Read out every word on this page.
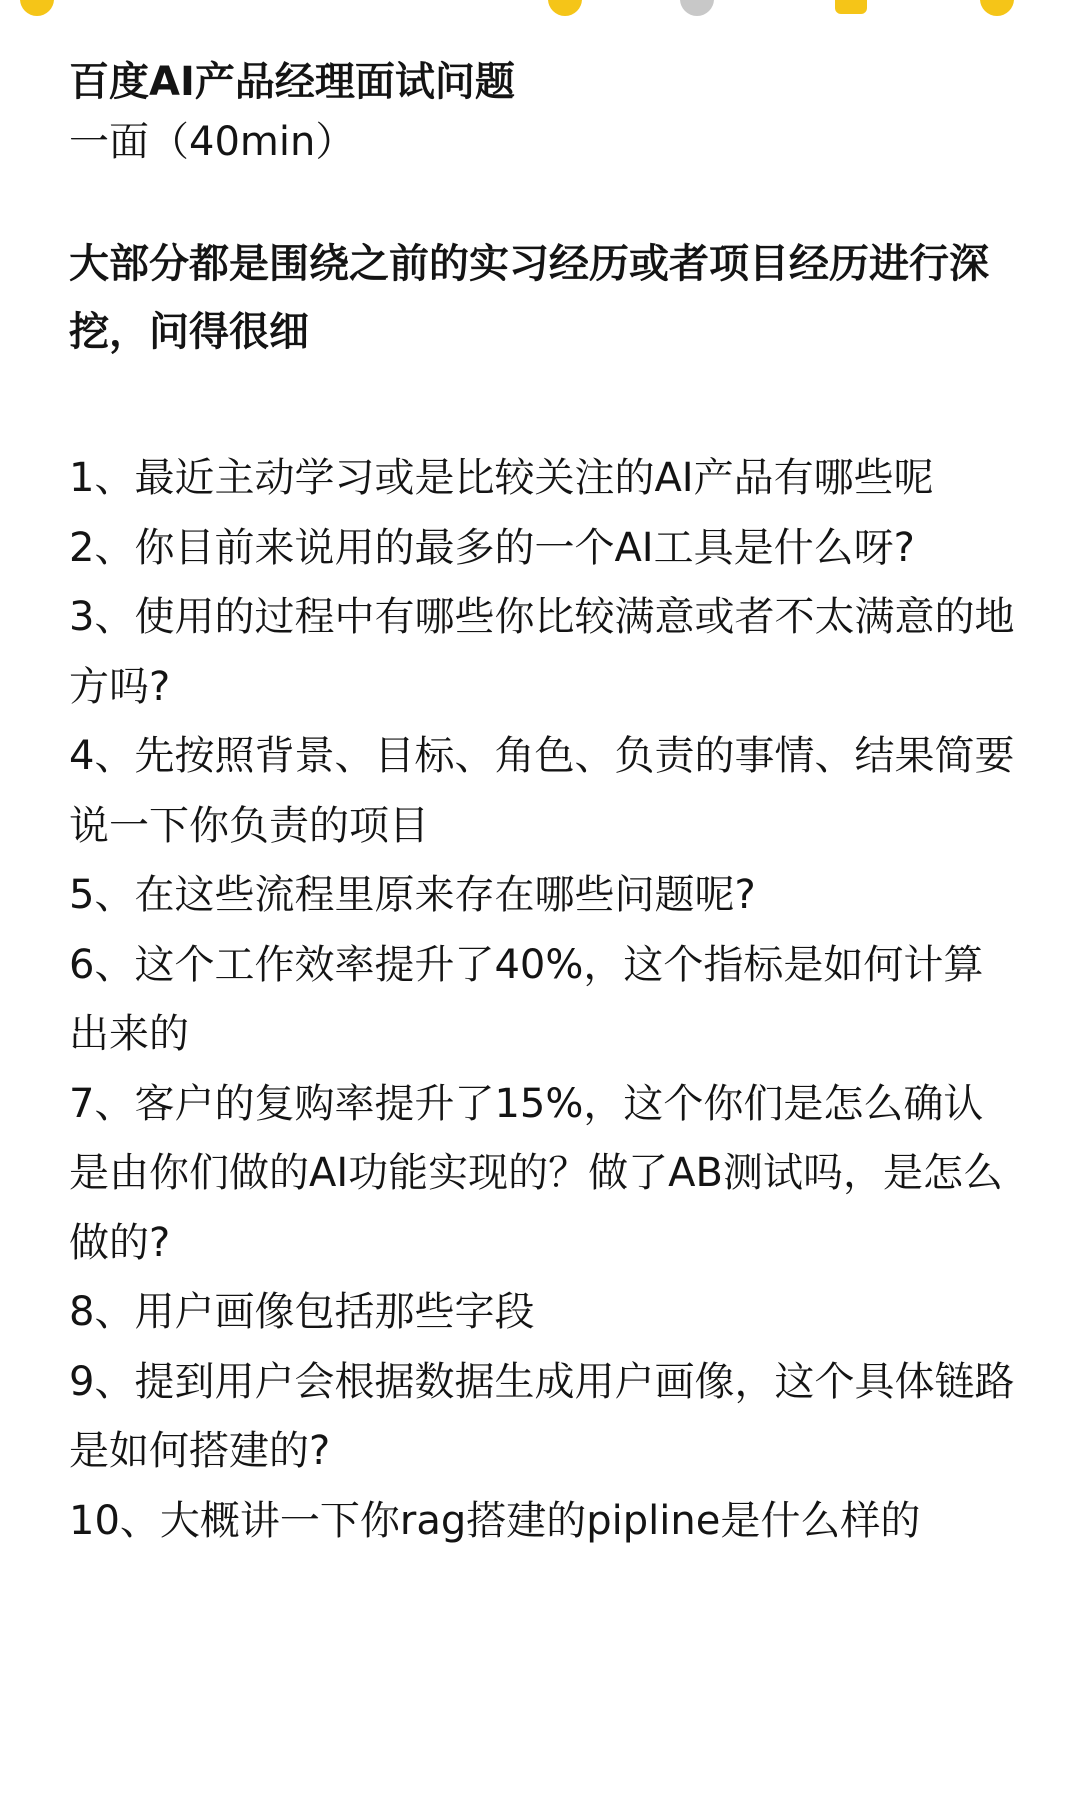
百度AI产品经理面试问题

一面（40min）

大部分都是围绕之前的实习经历或者项目经历进行深挖，问得很细

1、最近主动学习或是比较关注的AI产品有哪些呢
2、你目前来说用的最多的一个AI工具是什么呀?
3、使用的过程中有哪些你比较满意或者不太满意的地方吗?
4、先按照背景、目标、角色、负责的事情、结果简要说一下你负责的项目
5、在这些流程里原来存在哪些问题呢?
6、这个工作效率提升了40%，这个指标是如何计算出来的
7、客户的复购率提升了15%，这个你们是怎么确认是由你们做的AI功能实现的？做了AB测试吗，是怎么做的?
8、用户画像包括那些字段
9、提到用户会根据数据生成用户画像，这个具体链路是如何搭建的?
10、大概讲一下你rag搭建的pipline是什么样的
